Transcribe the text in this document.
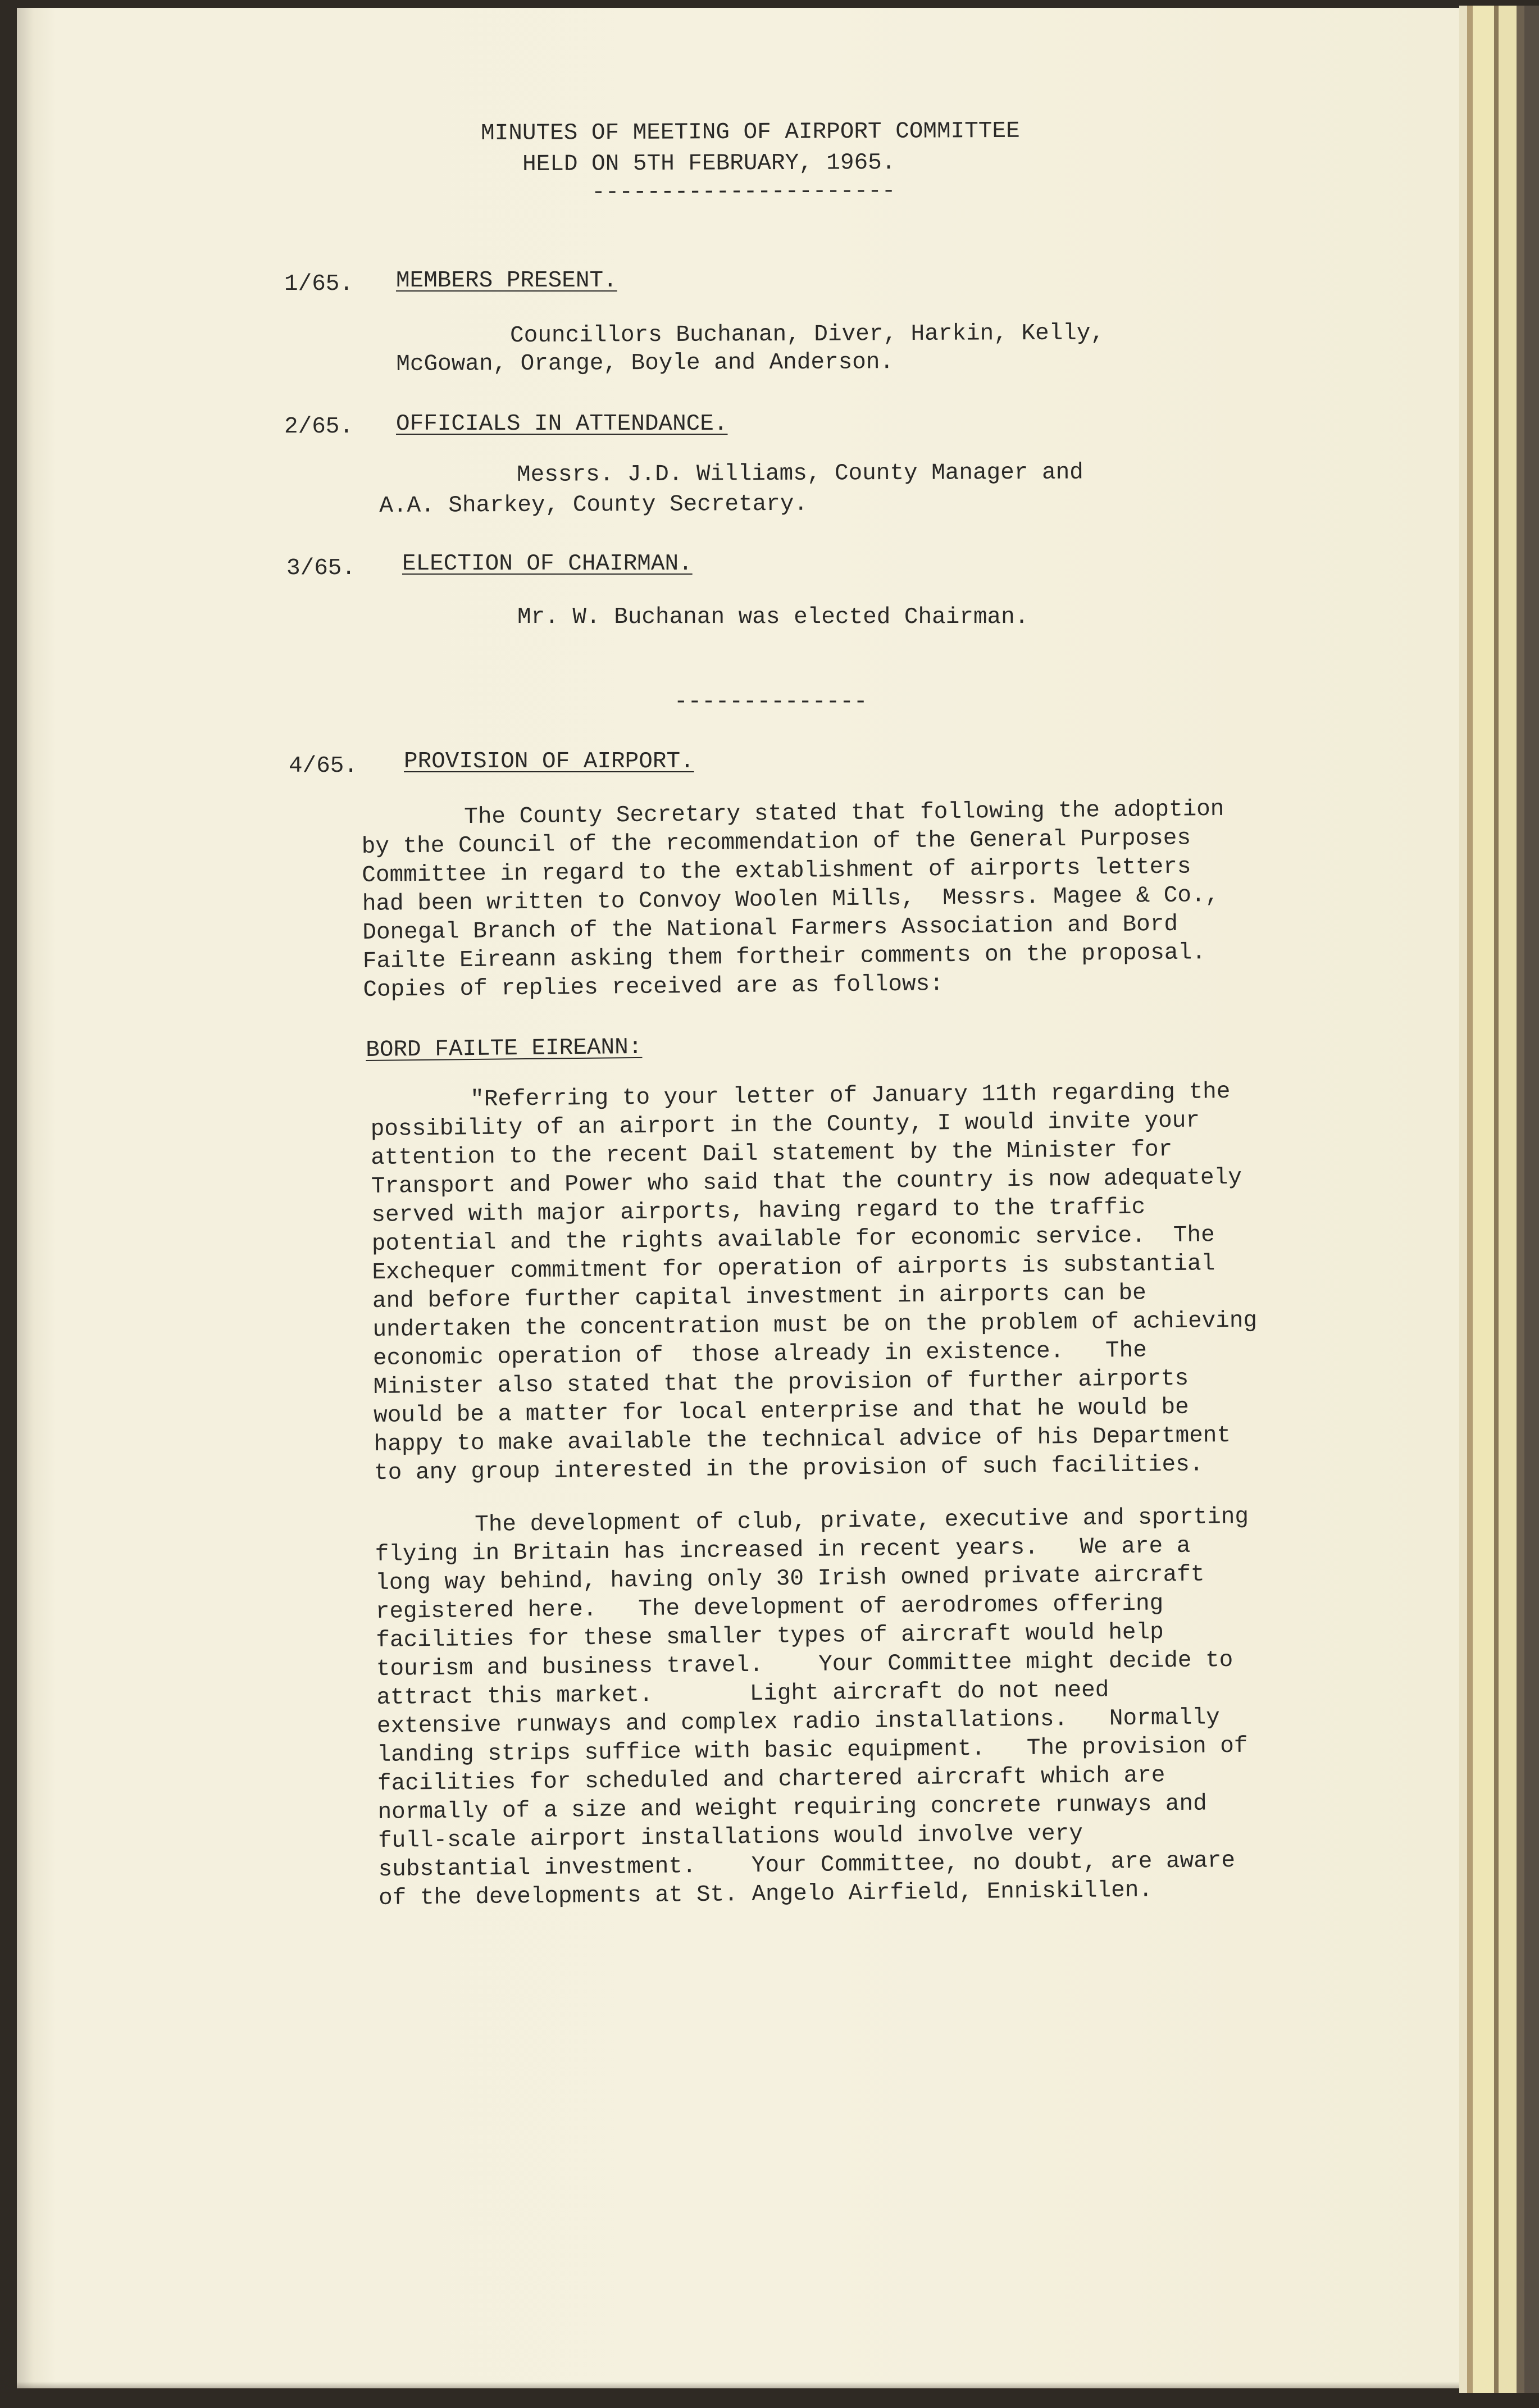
MINUTES OF MEETING OF AIRPORT COMMITTEE
HELD ON 5TH FEBRUARY, 1965.
----------------------
1/65. MEMBERS PRESENT.
Councillors Buchanan, Diver, Harkin, Kelly,
McGowan, Orange, Boyle and Anderson.
2/65. OFFICIALS IN ATTENDANCE.
Messrs. J.D. Williams, County Manager and
A.A. Sharkey, County Secretary.
3/65. ELECTION OF CHAIRMAN.
Mr. W. Buchanan was elected Chairman.
--------------
4/65. PROVISION OF AIRPORT.
The County Secretary stated that following the adoption
by the Council of the recommendation of the General Purposes
Committee in regard to the extablishment of airports letters
had been written to Convoy Woolen Mills,  Messrs. Magee & Co.,
Donegal Branch of the National Farmers Association and Bord
Failte Eireann asking them fortheir comments on the proposal.
Copies of replies received are as follows:
BORD FAILTE EIREANN:
"Referring to your letter of January 11th regarding the
possibility of an airport in the County, I would invite your
attention to the recent Dail statement by the Minister for
Transport and Power who said that the country is now adequately
served with major airports, having regard to the traffic
potential and the rights available for economic service.  The
Exchequer commitment for operation of airports is substantial
and before further capital investment in airports can be
undertaken the concentration must be on the problem of achieving
economic operation of  those already in existence.   The
Minister also stated that the provision of further airports
would be a matter for local enterprise and that he would be
happy to make available the technical advice of his Department
to any group interested in the provision of such facilities.
The development of club, private, executive and sporting
flying in Britain has increased in recent years.   We are a
long way behind, having only 30 Irish owned private aircraft
registered here.   The development of aerodromes offering
facilities for these smaller types of aircraft would help
tourism and business travel.    Your Committee might decide to
attract this market.       Light aircraft do not need
extensive runways and complex radio installations.   Normally
landing strips suffice with basic equipment.   The provision of
facilities for scheduled and chartered aircraft which are
normally of a size and weight requiring concrete runways and
full-scale airport installations would involve very
substantial investment.    Your Committee, no doubt, are aware
of the developments at St. Angelo Airfield, Enniskillen.
